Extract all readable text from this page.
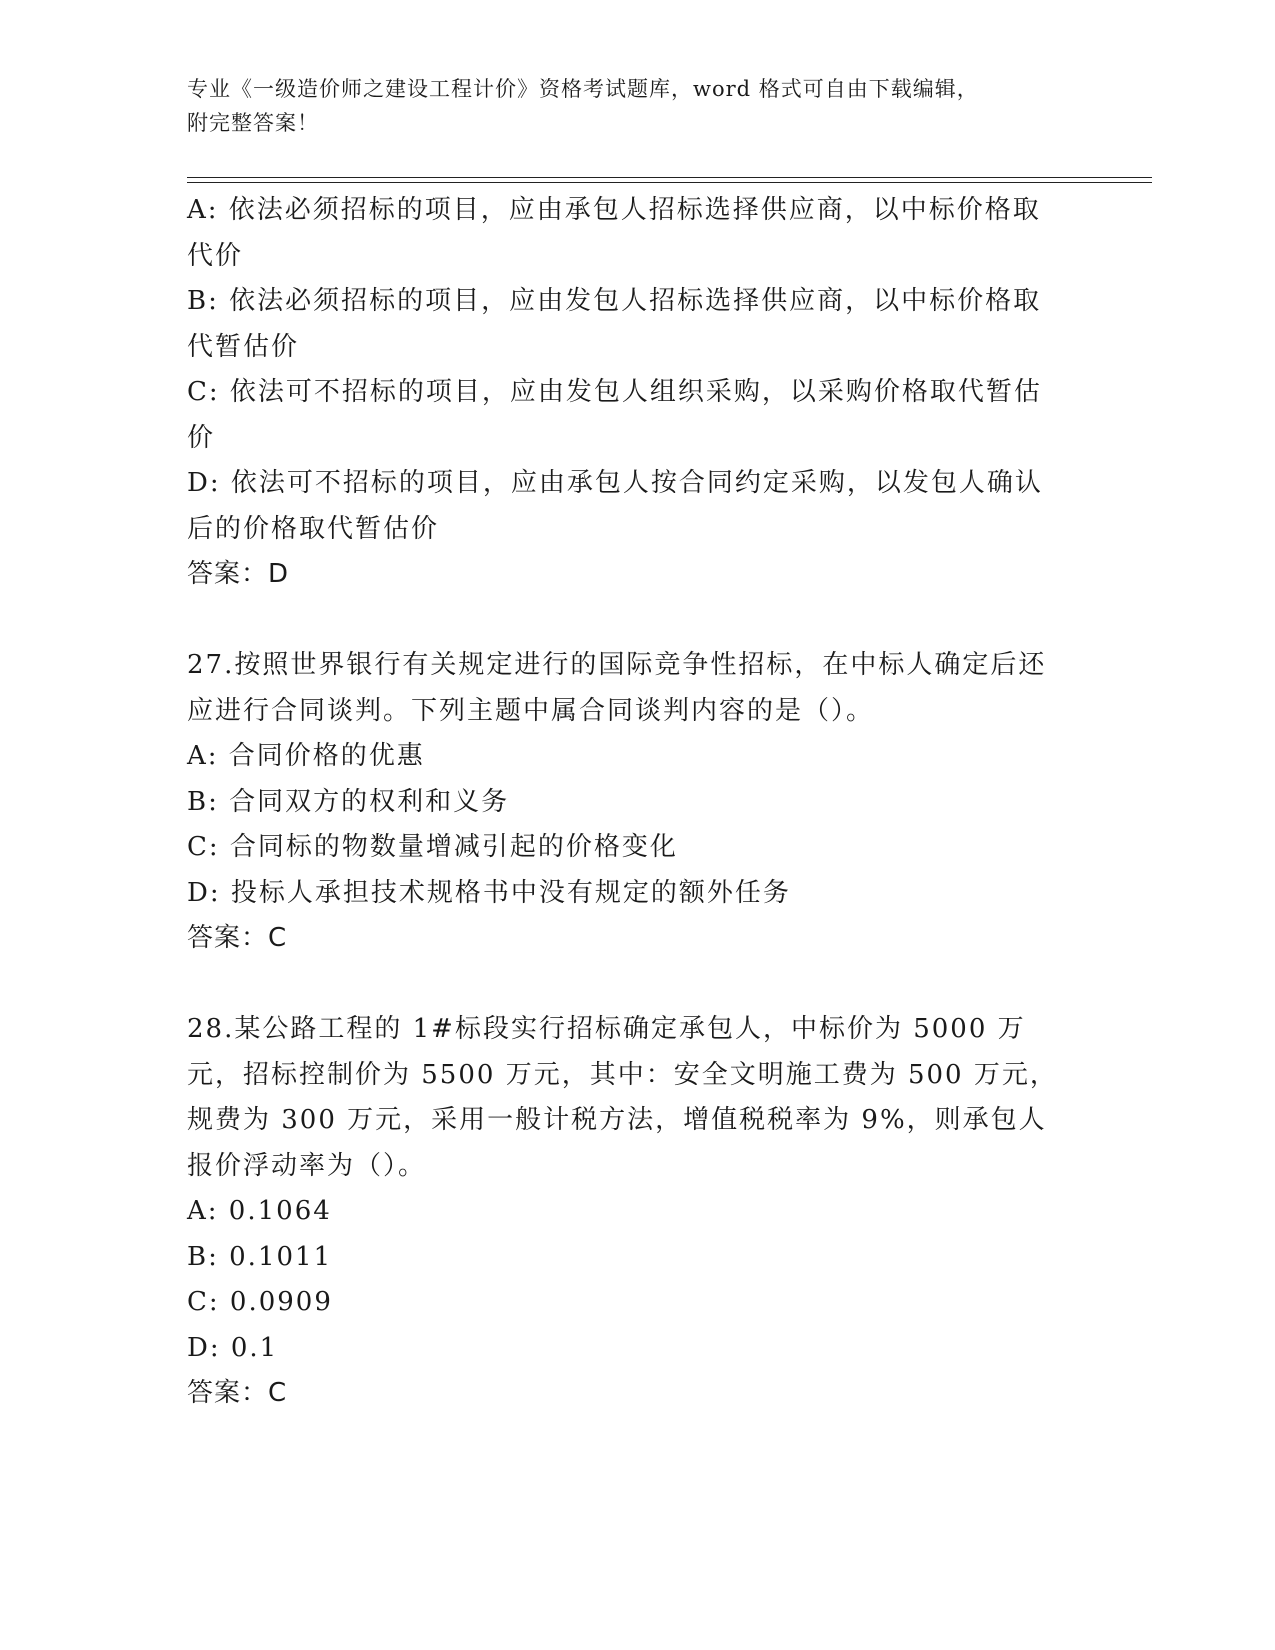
专业《一级造价师之建设工程计价》资格考试题库，word 格式可自由下载编辑，
附完整答案！

A: 依法必须招标的项目，应由承包人招标选择供应商，以中标价格取代价

B: 依法必须招标的项目，应由发包人招标选择供应商，以中标价格取代暂估价

C: 依法可不招标的项目，应由发包人组织采购，以采购价格取代暂估价

D: 依法可不招标的项目，应由承包人按合同约定采购，以发包人确认后的价格取代暂估价

答案：D

27.按照世界银行有关规定进行的国际竞争性招标，在中标人确定后还应进行合同谈判。下列主题中属合同谈判内容的是（）。

A: 合同价格的优惠

B: 合同双方的权利和义务

C: 合同标的物数量增减引起的价格变化

D: 投标人承担技术规格书中没有规定的额外任务

答案：C

28.某公路工程的 1#标段实行招标确定承包人，中标价为 5000 万元，招标控制价为 5500 万元，其中：安全文明施工费为 500 万元，规费为 300 万元，采用一般计税方法，增值税税率为 9%，则承包人报价浮动率为（）。

A: 0.1064

B: 0.1011

C: 0.0909

D: 0.1

答案：C
